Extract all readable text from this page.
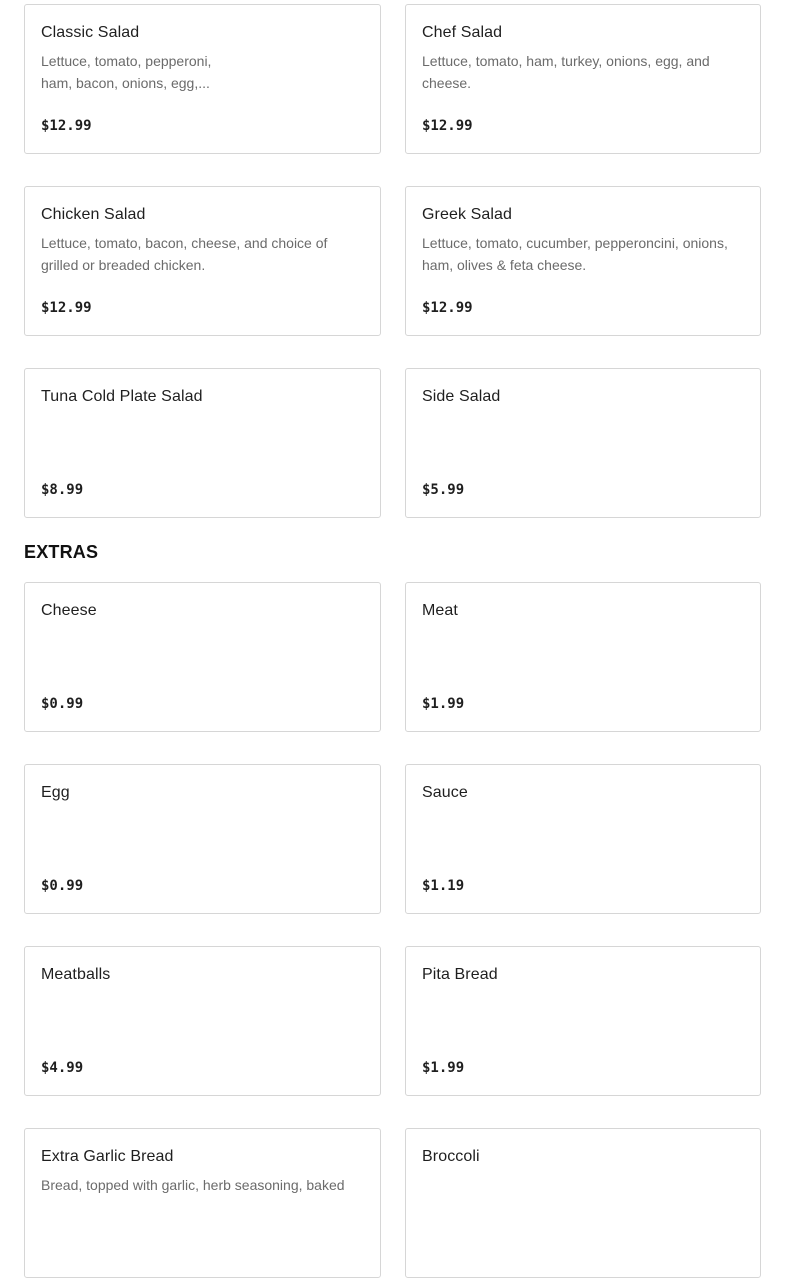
Classic Salad
Lettuce, tomato, pepperoni,
ham, bacon, onions, egg,...
$12.99
Chef Salad
Lettuce, tomato, ham, turkey, onions, egg, and cheese.
$12.99
Chicken Salad
Lettuce, tomato, bacon, cheese, and choice of grilled or breaded chicken.
$12.99
Greek Salad
Lettuce, tomato, cucumber, pepperoncini, onions, ham, olives & feta cheese.
$12.99
Tuna Cold Plate Salad
$8.99
Side Salad
$5.99
EXTRAS
Cheese
$0.99
Meat
$1.99
Egg
$0.99
Sauce
$1.19
Meatballs
$4.99
Pita Bread
$1.99
Extra Garlic Bread
Bread, topped with garlic, herb seasoning, baked
Broccoli
